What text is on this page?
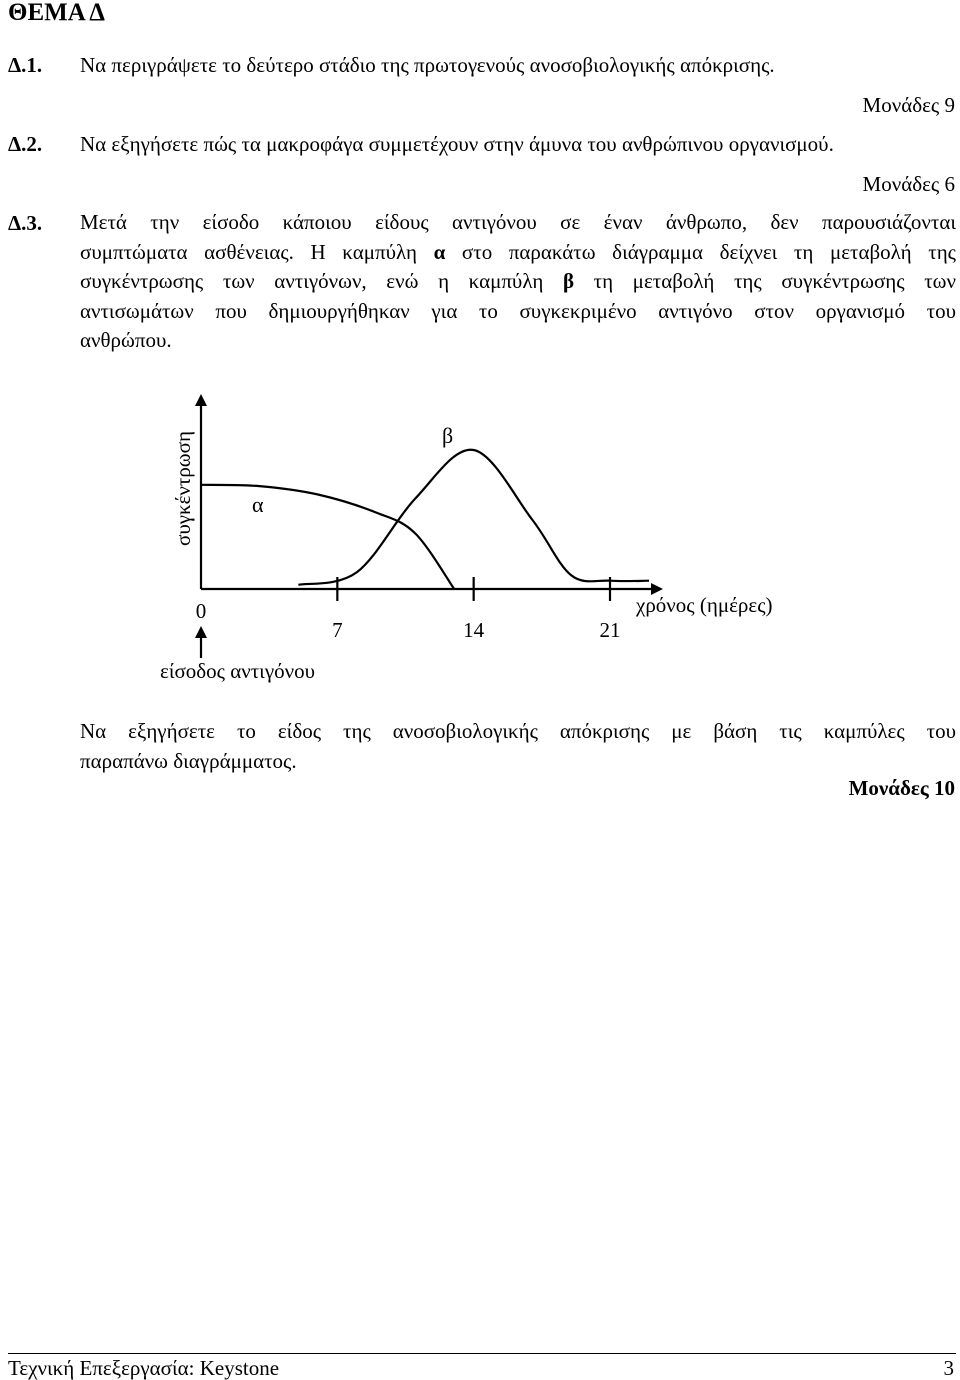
ΘΕΜΑ Δ
Δ.1. Να περιγράψετε το δεύτερο στάδιο της πρωτογενούς ανοσοβιολογικής απόκρισης.
Μονάδες 9
Δ.2. Να εξηγήσετε πώς τα μακροφάγα συμμετέχουν στην άμυνα του ανθρώπινου οργανισμού.
Μονάδες 6
Δ.3. Μετά την είσοδο κάποιου είδους αντιγόνου σε έναν άνθρωπο, δεν παρουσιάζονται
συμπτώματα ασθένειας. Η καμπύλη α στο παρακάτω διάγραμμα δείχνει τη μεταβολή της
συγκέντρωσης των αντιγόνων, ενώ η καμπύλη β τη μεταβολή της συγκέντρωσης των
αντισωμάτων που δημιουργήθηκαν για το συγκεκριμένο αντιγόνο στον οργανισμό του
ανθρώπου.
0
7	14	21
α
β
συγκέντρωση
χρόνος (ημέρες)
είσοδος αντιγόνου
Να εξηγήσετε το είδος της ανοσοβιολογικής απόκρισης με βάση τις καμπύλες του
παραπάνω διαγράμματος.
Μονάδες 10
Τεχνική Επεξεργασία: Keystone	3
